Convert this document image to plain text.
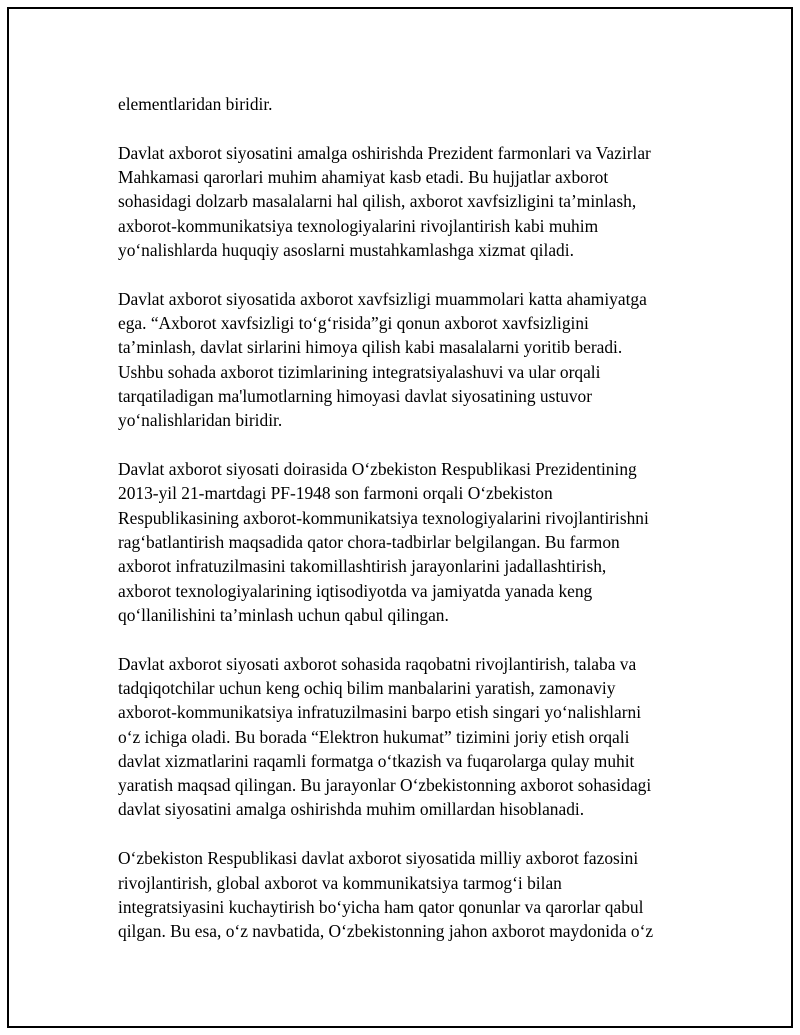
elementlaridan biridir.

Davlat axborot siyosatini amalga oshirishda Prezident farmonlari va Vazirlar
Mahkamasi qarorlari muhim ahamiyat kasb etadi. Bu hujjatlar axborot
sohasidagi dolzarb masalalarni hal qilish, axborot xavfsizligini ta’minlash,
axborot-kommunikatsiya texnologiyalarini rivojlantirish kabi muhim
yo‘nalishlarda huquqiy asoslarni mustahkamlashga xizmat qiladi.

Davlat axborot siyosatida axborot xavfsizligi muammolari katta ahamiyatga
ega. “Axborot xavfsizligi to‘g‘risida”gi qonun axborot xavfsizligini
ta’minlash, davlat sirlarini himoya qilish kabi masalalarni yoritib beradi.
Ushbu sohada axborot tizimlarining integratsiyalashuvi va ular orqali
tarqatiladigan ma'lumotlarning himoyasi davlat siyosatining ustuvor
yo‘nalishlaridan biridir.

Davlat axborot siyosati doirasida O‘zbekiston Respublikasi Prezidentining
2013-yil 21-martdagi PF-1948 son farmoni orqali O‘zbekiston
Respublikasining axborot-kommunikatsiya texnologiyalarini rivojlantirishni
rag‘batlantirish maqsadida qator chora-tadbirlar belgilangan. Bu farmon
axborot infratuzilmasini takomillashtirish jarayonlarini jadallashtirish,
axborot texnologiyalarining iqtisodiyotda va jamiyatda yanada keng
qo‘llanilishini ta’minlash uchun qabul qilingan.

Davlat axborot siyosati axborot sohasida raqobatni rivojlantirish, talaba va
tadqiqotchilar uchun keng ochiq bilim manbalarini yaratish, zamonaviy
axborot-kommunikatsiya infratuzilmasini barpo etish singari yo‘nalishlarni
o‘z ichiga oladi. Bu borada “Elektron hukumat” tizimini joriy etish orqali
davlat xizmatlarini raqamli formatga o‘tkazish va fuqarolarga qulay muhit
yaratish maqsad qilingan. Bu jarayonlar O‘zbekistonning axborot sohasidagi
davlat siyosatini amalga oshirishda muhim omillardan hisoblanadi.

O‘zbekiston Respublikasi davlat axborot siyosatida milliy axborot fazosini
rivojlantirish, global axborot va kommunikatsiya tarmog‘i bilan
integratsiyasini kuchaytirish bo‘yicha ham qator qonunlar va qarorlar qabul
qilgan. Bu esa, o‘z navbatida, O‘zbekistonning jahon axborot maydonida o‘z
